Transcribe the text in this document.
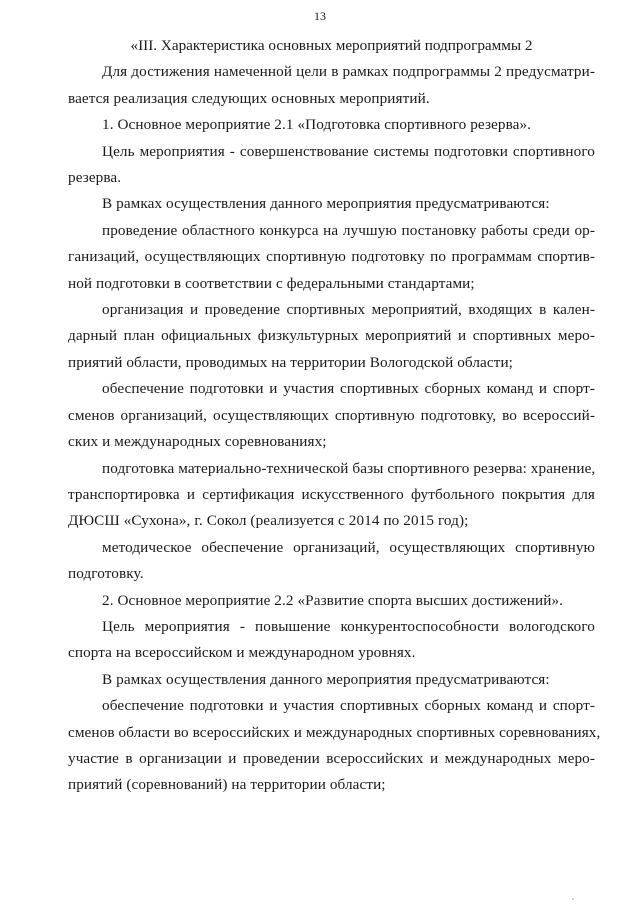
13
«III. Характеристика основных мероприятий подпрограммы 2
Для достижения намеченной цели в рамках подпрограммы 2 предусматри-
вается реализация следующих основных мероприятий.
1. Основное мероприятие 2.1 «Подготовка спортивного резерва».
Цель мероприятия - совершенствование системы подготовки спортивного
резерва.
В рамках осуществления данного мероприятия предусматриваются:
проведение областного конкурса на лучшую постановку работы среди ор-
ганизаций, осуществляющих спортивную подготовку по программам спортив-
ной подготовки в соответствии с федеральными стандартами;
организация и проведение спортивных мероприятий, входящих в кален-
дарный план официальных физкультурных мероприятий и спортивных меро-
приятий области, проводимых на территории Вологодской области;
обеспечение подготовки и участия спортивных сборных команд и спорт-
сменов организаций, осуществляющих спортивную подготовку, во всероссий-
ских и международных соревнованиях;
подготовка материально-технической базы спортивного резерва: хранение,
транспортировка и сертификация искусственного футбольного покрытия для
ДЮСШ «Сухона», г. Сокол (реализуется с 2014 по 2015 год);
методическое обеспечение организаций, осуществляющих спортивную
подготовку.
2. Основное мероприятие 2.2 «Развитие спорта высших достижений».
Цель мероприятия - повышение конкурентоспособности вологодского
спорта на всероссийском и международном уровнях.
В рамках осуществления данного мероприятия предусматриваются:
обеспечение подготовки и участия спортивных сборных команд и спорт-
сменов области во всероссийских и международных спортивных соревнованиях,
участие в организации и проведении всероссийских и международных меро-
приятий (соревнований) на территории области;
,
